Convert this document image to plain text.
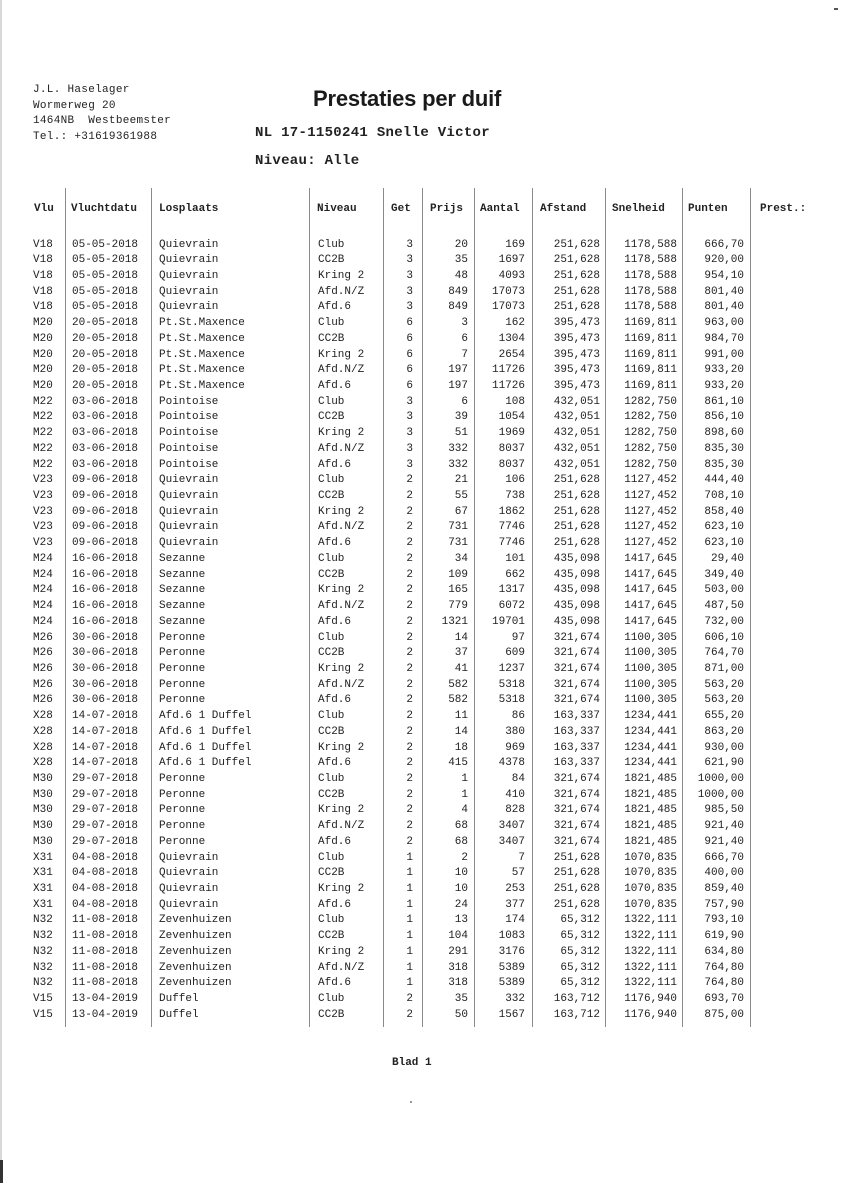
J.L. Haselager
Wormerweg 20
1464NB  Westbeemster
Tel.: +31619361988
Prestaties per duif
NL 17-1150241 Snelle Victor
Niveau: Alle
Vlu Vluchtdatu Losplaats	Niveau	Get Prijs Aantal Afstand Snelheid Punten	Prest.:
V18	05-05-2018	Quievrain	Club	3	20	169	251,628	1178,588	666,70
V18	05-05-2018	Quievrain	CC2B	3	35	1697	251,628	1178,588	920,00
V18	05-05-2018	Quievrain	Kring 2	3	48	4093	251,628	1178,588	954,10
V18	05-05-2018	Quievrain	Afd.N/Z	3	849	17073	251,628	1178,588	801,40
V18	05-05-2018	Quievrain	Afd.6	3	849	17073	251,628	1178,588	801,40
M20	20-05-2018	Pt.St.Maxence	Club	6	3	162	395,473	1169,811	963,00
M20	20-05-2018	Pt.St.Maxence	CC2B	6	6	1304	395,473	1169,811	984,70
M20	20-05-2018	Pt.St.Maxence	Kring 2	6	7	2654	395,473	1169,811	991,00
M20	20-05-2018	Pt.St.Maxence	Afd.N/Z	6	197	11726	395,473	1169,811	933,20
M20	20-05-2018	Pt.St.Maxence	Afd.6	6	197	11726	395,473	1169,811	933,20
M22	03-06-2018	Pointoise	Club	3	6	108	432,051	1282,750	861,10
M22	03-06-2018	Pointoise	CC2B	3	39	1054	432,051	1282,750	856,10
M22	03-06-2018	Pointoise	Kring 2	3	51	1969	432,051	1282,750	898,60
M22	03-06-2018	Pointoise	Afd.N/Z	3	332	8037	432,051	1282,750	835,30
M22	03-06-2018	Pointoise	Afd.6	3	332	8037	432,051	1282,750	835,30
V23	09-06-2018	Quievrain	Club	2	21	106	251,628	1127,452	444,40
V23	09-06-2018	Quievrain	CC2B	2	55	738	251,628	1127,452	708,10
V23	09-06-2018	Quievrain	Kring 2	2	67	1862	251,628	1127,452	858,40
V23	09-06-2018	Quievrain	Afd.N/Z	2	731	7746	251,628	1127,452	623,10
V23	09-06-2018	Quievrain	Afd.6	2	731	7746	251,628	1127,452	623,10
M24	16-06-2018	Sezanne	Club	2	34	101	435,098	1417,645	29,40
M24	16-06-2018	Sezanne	CC2B	2	109	662	435,098	1417,645	349,40
M24	16-06-2018	Sezanne	Kring 2	2	165	1317	435,098	1417,645	503,00
M24	16-06-2018	Sezanne	Afd.N/Z	2	779	6072	435,098	1417,645	487,50
M24	16-06-2018	Sezanne	Afd.6	2	1321	19701	435,098	1417,645	732,00
M26	30-06-2018	Peronne	Club	2	14	97	321,674	1100,305	606,10
M26	30-06-2018	Peronne	CC2B	2	37	609	321,674	1100,305	764,70
M26	30-06-2018	Peronne	Kring 2	2	41	1237	321,674	1100,305	871,00
M26	30-06-2018	Peronne	Afd.N/Z	2	582	5318	321,674	1100,305	563,20
M26	30-06-2018	Peronne	Afd.6	2	582	5318	321,674	1100,305	563,20
X28	14-07-2018	Afd.6 1 Duffel	Club	2	11	86	163,337	1234,441	655,20
X28	14-07-2018	Afd.6 1 Duffel	CC2B	2	14	380	163,337	1234,441	863,20
X28	14-07-2018	Afd.6 1 Duffel	Kring 2	2	18	969	163,337	1234,441	930,00
X28	14-07-2018	Afd.6 1 Duffel	Afd.6	2	415	4378	163,337	1234,441	621,90
M30	29-07-2018	Peronne	Club	2	1	84	321,674	1821,485	1000,00
M30	29-07-2018	Peronne	CC2B	2	1	410	321,674	1821,485	1000,00
M30	29-07-2018	Peronne	Kring 2	2	4	828	321,674	1821,485	985,50
M30	29-07-2018	Peronne	Afd.N/Z	2	68	3407	321,674	1821,485	921,40
M30	29-07-2018	Peronne	Afd.6	2	68	3407	321,674	1821,485	921,40
X31	04-08-2018	Quievrain	Club	1	2	7	251,628	1070,835	666,70
X31	04-08-2018	Quievrain	CC2B	1	10	57	251,628	1070,835	400,00
X31	04-08-2018	Quievrain	Kring 2	1	10	253	251,628	1070,835	859,40
X31	04-08-2018	Quievrain	Afd.6	1	24	377	251,628	1070,835	757,90
N32	11-08-2018	Zevenhuizen	Club	1	13	174	65,312	1322,111	793,10
N32	11-08-2018	Zevenhuizen	CC2B	1	104	1083	65,312	1322,111	619,90
N32	11-08-2018	Zevenhuizen	Kring 2	1	291	3176	65,312	1322,111	634,80
N32	11-08-2018	Zevenhuizen	Afd.N/Z	1	318	5389	65,312	1322,111	764,80
N32	11-08-2018	Zevenhuizen	Afd.6	1	318	5389	65,312	1322,111	764,80
V15	13-04-2019	Duffel	Club	2	35	332	163,712	1176,940	693,70
V15	13-04-2019	Duffel	CC2B	2	50	1567	163,712	1176,940	875,00
Blad 1
